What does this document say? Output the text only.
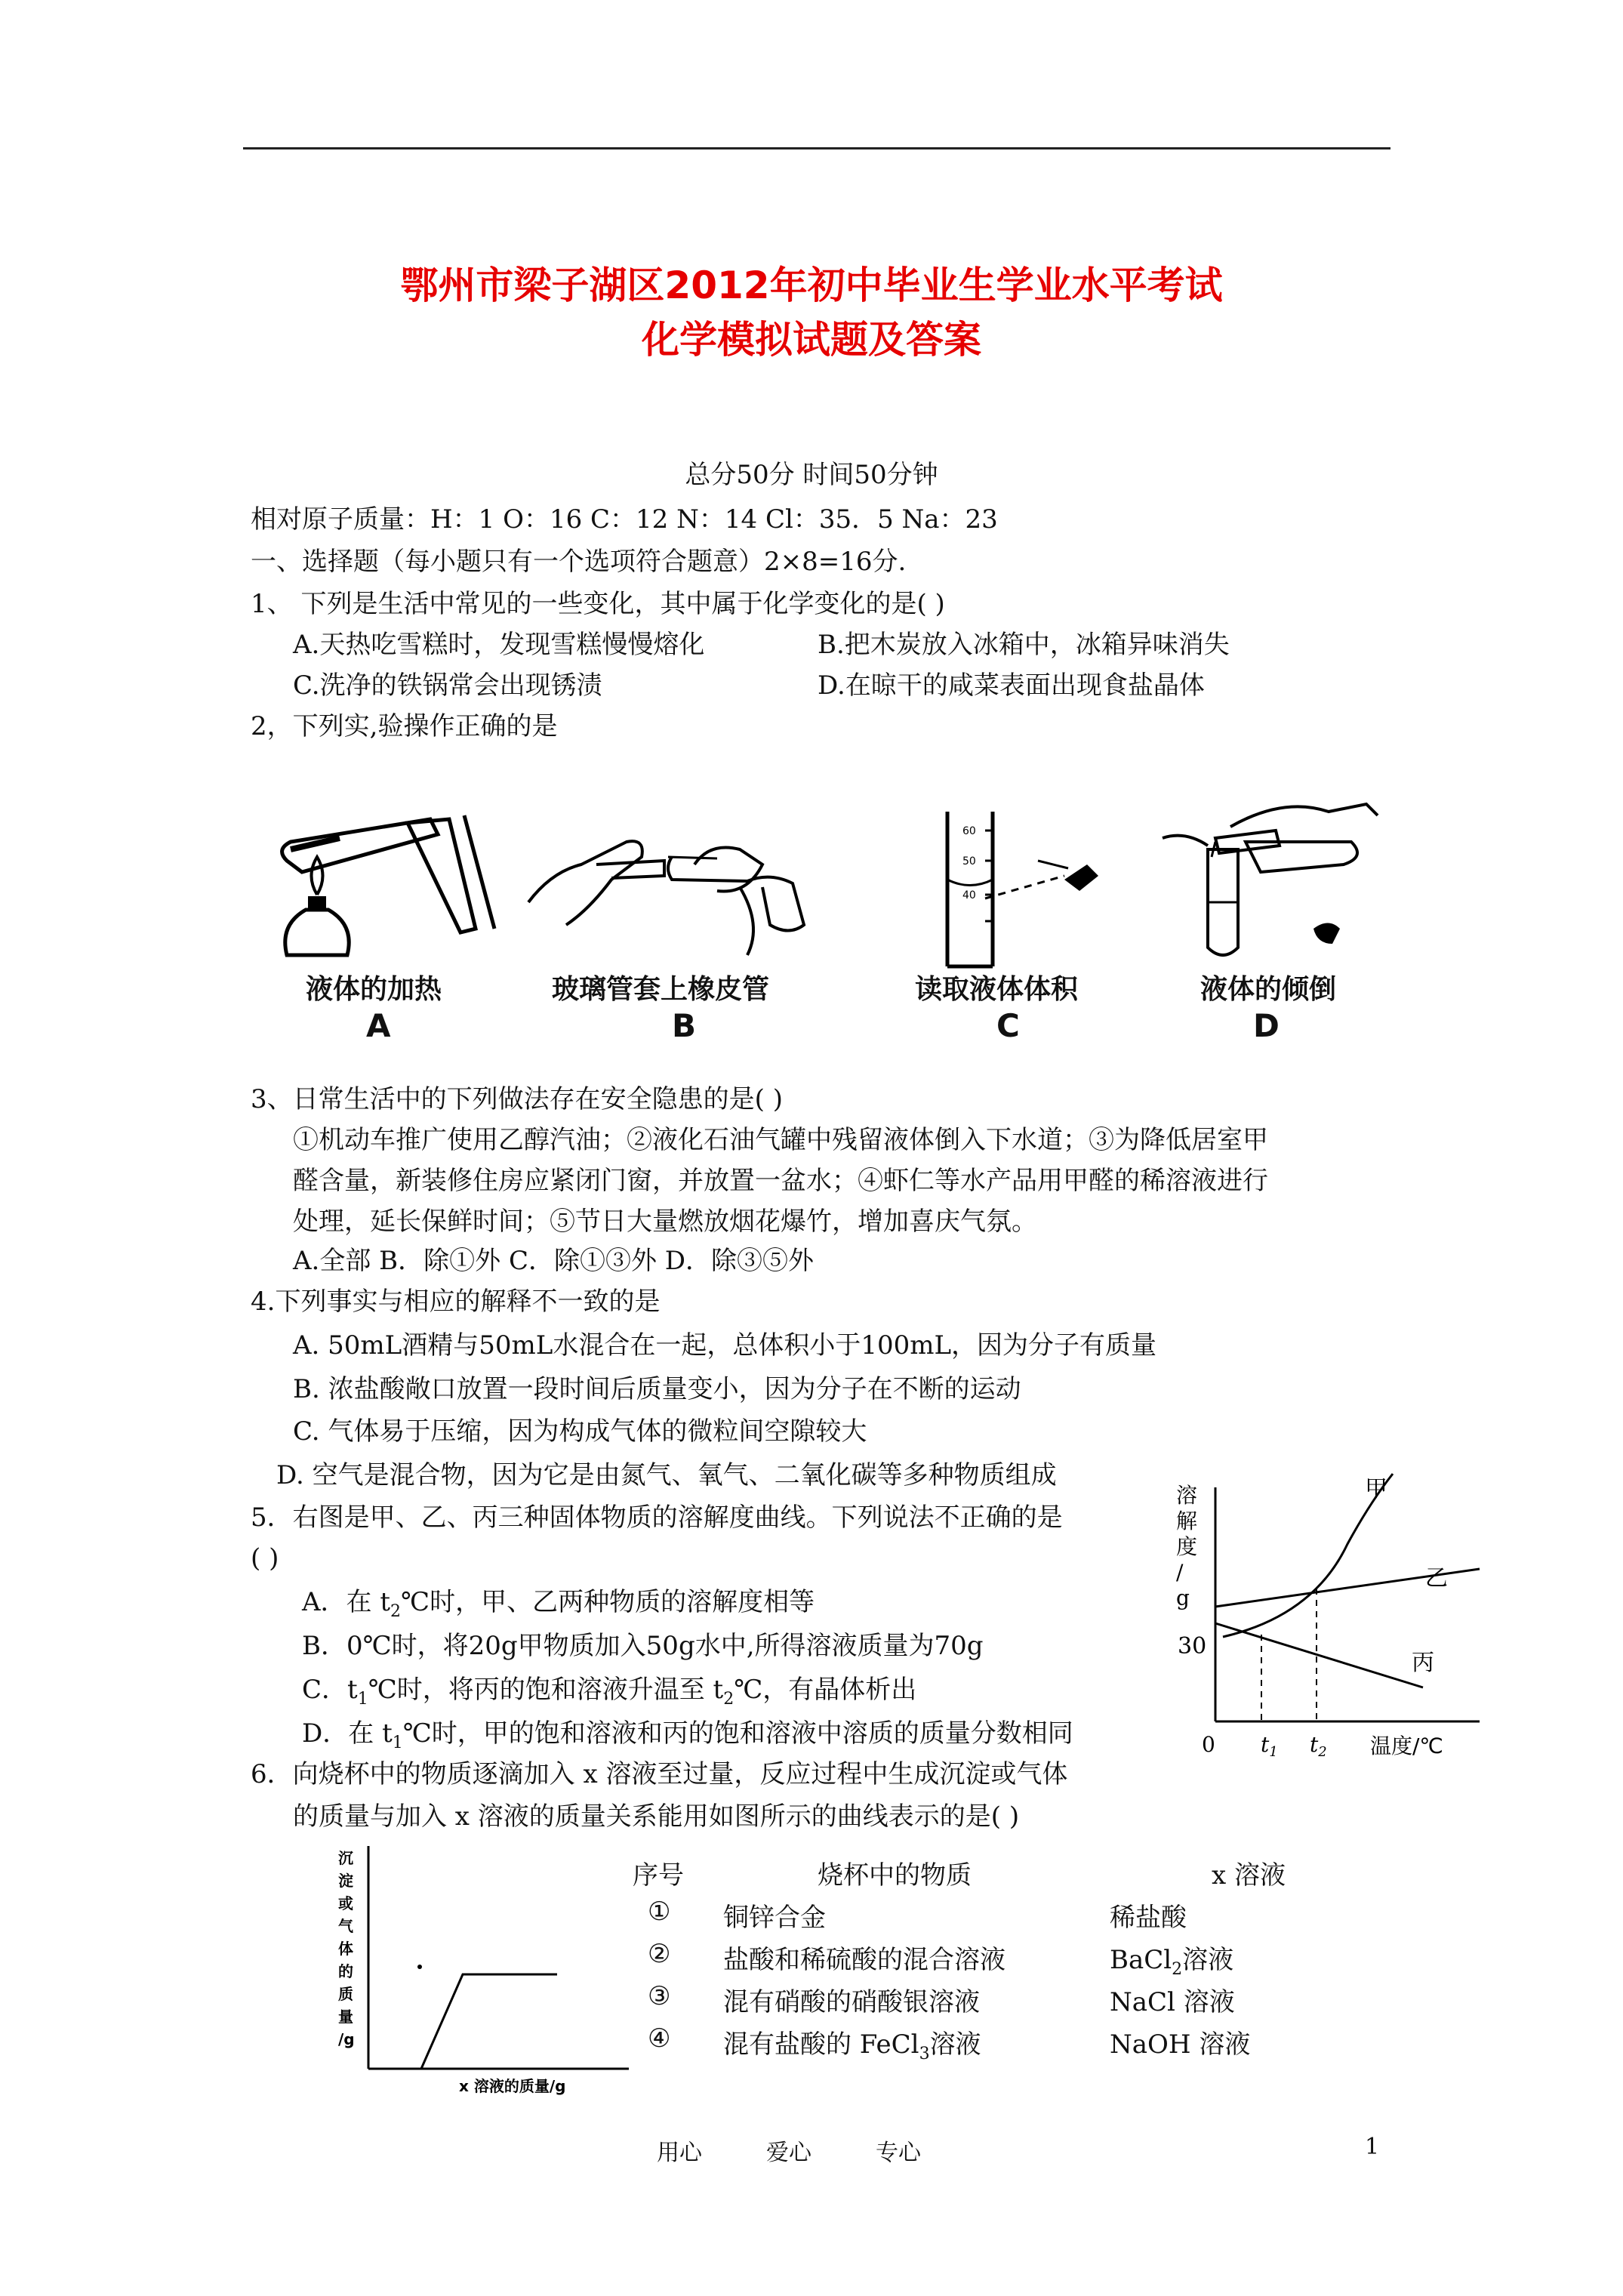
鄂州市梁子湖区2012年初中毕业生学业水平考试
化学模拟试题及答案
总分50分 时间50分钟
相对原子质量：H：1 O：16 C：12 N：14 Cl：35．5 Na：23
一、选择题（每小题只有一个选项符合题意）2×8=16分.
1、 下列是生活中常见的一些变化，其中属于化学变化的是( )
A.天热吃雪糕时，发现雪糕慢慢熔化	B.把木炭放入冰箱中，冰箱异味消失
C.洗净的铁锅常会出现锈渍	D.在晾干的咸菜表面出现食盐晶体
2，下列实,验操作正确的是
60
50
40
液体的加热	玻璃管套上橡皮管	读取液体体积	液体的倾倒
A	B	C	D
3、日常生活中的下列做法存在安全隐患的是( )
①机动车推广使用乙醇汽油；②液化石油气罐中残留液体倒入下水道；③为降低居室甲
醛含量，新装修住房应紧闭门窗，并放置一盆水；④虾仁等水产品用甲醛的稀溶液进行
处理，延长保鲜时间；⑤节日大量燃放烟花爆竹，增加喜庆气氛。
A.全部 B．除①外 C．除①③外 D．除③⑤外
4.下列事实与相应的解释不一致的是
A. 50mL酒精与50mL水混合在一起，总体积小于100mL，因为分子有质量
B. 浓盐酸敞口放置一段时间后质量变小，因为分子在不断的运动
C. 气体易于压缩，因为构成气体的微粒间空隙较大
D. 空气是混合物，因为它是由氮气、氧气、二氧化碳等多种物质组成
5．右图是甲、乙、丙三种固体物质的溶解度曲线。下列说法不正确的是
( )
A．在 $t_2℃$时，甲、乙两种物质的溶解度相等
B．0℃时，将20g甲物质加入50g水中,所得溶液质量为70g
C．$t_1℃$时，将丙的饱和溶液升温至 $t_2℃$，有晶体析出
D．在 $t_1℃$时，甲的饱和溶液和丙的饱和溶液中溶质的质量分数相同
30
0 $t_1$ $t_2$ 温度/℃
甲
乙
丙
溶
解
度
/
g
6．向烧杯中的物质逐滴加入 x 溶液至过量，反应过程中生成沉淀或气体
的质量与加入 x 溶液的质量关系能用如图所示的曲线表示的是( )
沉
淀
或
气
体
的
质
量
/g
x 溶液的质量/g
序号	烧杯中的物质	x 溶液
① 铜锌合金	稀盐酸
② 盐酸和稀硫酸的混合溶液	BaCl$_2$溶液
③ 混有硝酸的硝酸银溶液	NaCl 溶液
④ 混有盐酸的 FeCl$_3$溶液	NaOH 溶液
用心	爱心	专心	1
